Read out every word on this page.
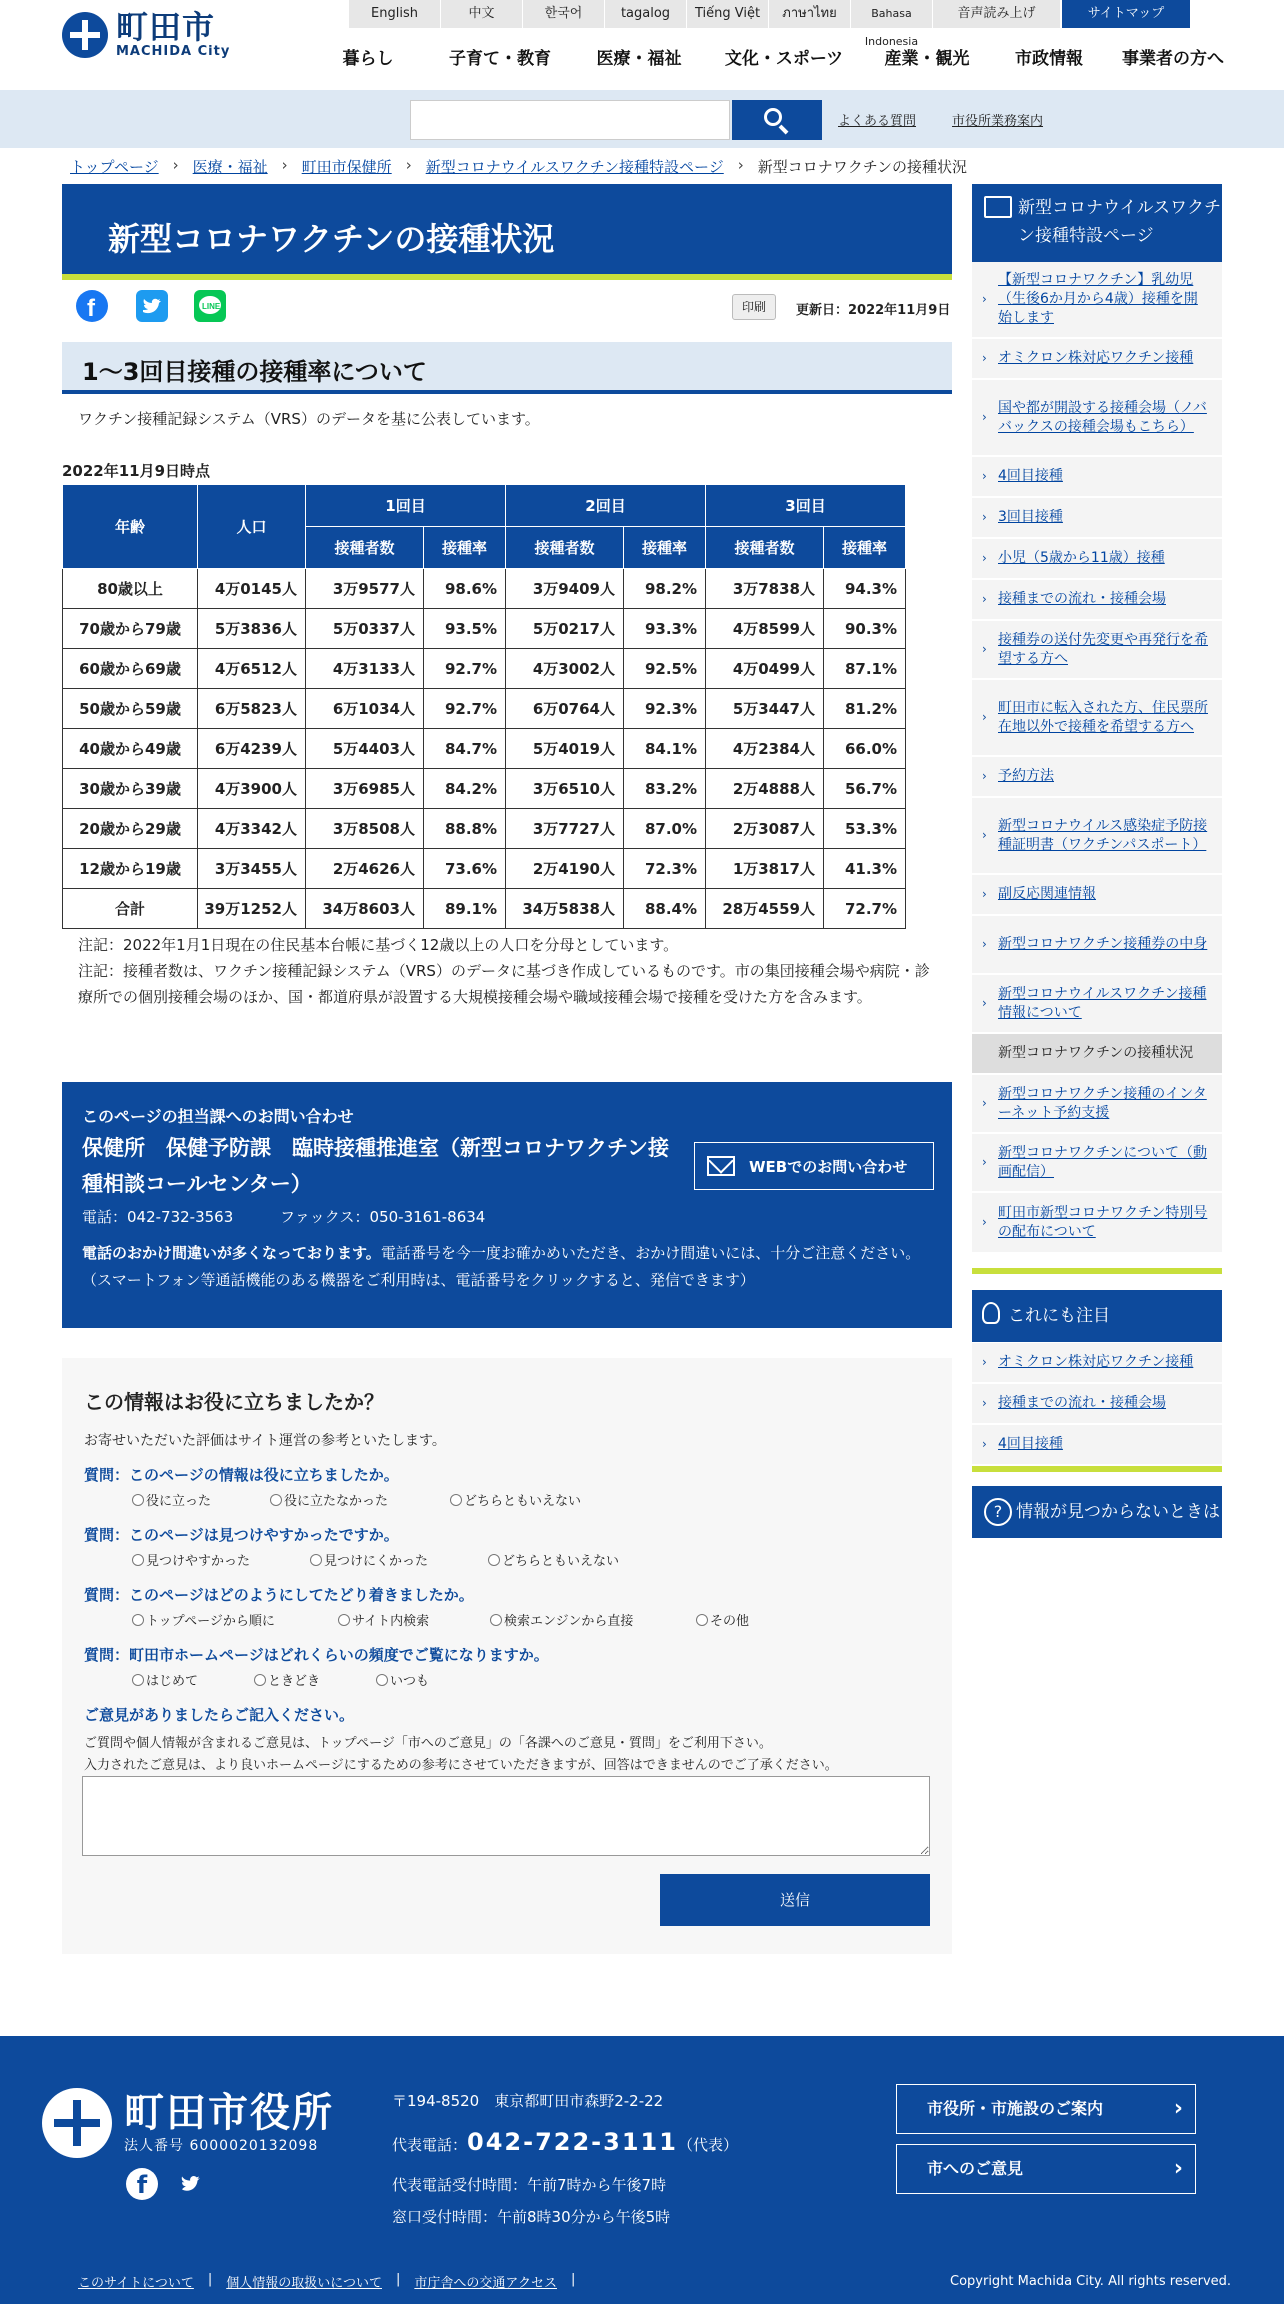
町田市
MACHIDA City
English	中文	한국어	tagalog	Tiếng Việt	ภาษาไทย	Bahasa Indonesia
音声読み上げ	サイトマップ
暮らし	子育て・教育	医療・福祉	文化・スポーツ	産業・観光	市政情報	事業者の方へ
よくある質問	市役所業務案内
トップページ › 医療・福祉 › 町田市保健所 › 新型コロナウイルスワクチン接種特設ページ › 新型コロナワクチンの接種状況
新型コロナワクチンの接種状況
f	LINE	印刷	更新日：2022年11月9日
1～3回目接種の接種率について
ワクチン接種記録システム（VRS）のデータを基に公表しています。
2022年11月9日時点
年齢	人口	1回目		2回目		3回目	
		接種者数	接種率	接種者数	接種率	接種者数	接種率
80歳以上	4万0145人	3万9577人	98.6%	3万9409人	98.2%	3万7838人	94.3%
70歳から79歳	5万3836人	5万0337人	93.5%	5万0217人	93.3%	4万8599人	90.3%
60歳から69歳	4万6512人	4万3133人	92.7%	4万3002人	92.5%	4万0499人	87.1%
50歳から59歳	6万5823人	6万1034人	92.7%	6万0764人	92.3%	5万3447人	81.2%
40歳から49歳	6万4239人	5万4403人	84.7%	5万4019人	84.1%	4万2384人	66.0%
30歳から39歳	4万3900人	3万6985人	84.2%	3万6510人	83.2%	2万4888人	56.7%
20歳から29歳	4万3342人	3万8508人	88.8%	3万7727人	87.0%	2万3087人	53.3%
12歳から19歳	3万3455人	2万4626人	73.6%	2万4190人	72.3%	1万3817人	41.3%
合計	39万1252人	34万8603人	89.1%	34万5838人	88.4%	28万4559人	72.7%
注記：2022年1月1日現在の住民基本台帳に基づく12歳以上の人口を分母としています。
注記：接種者数は、ワクチン接種記録システム（VRS）のデータに基づき作成しているものです。市の集団接種会場や病院・診療所での個別接種会場のほか、国・都道府県が設置する大規模接種会場や職域接種会場で接種を受けた方を含みます。
このページの担当課へのお問い合わせ
保健所　保健予防課　臨時接種推進室（新型コロナワクチン接種相談コールセンター）
電話：042-732-3563	ファックス：050-3161-8634
電話のおかけ間違いが多くなっております。電話番号を今一度お確かめいただき、おかけ間違いには、十分ご注意ください。（スマートフォン等通話機能のある機器をご利用時は、電話番号をクリックすると、発信できます）
WEBでのお問い合わせ
この情報はお役に立ちましたか？
お寄せいただいた評価はサイト運営の参考といたします。
質問：このページの情報は役に立ちましたか。
役に立った	役に立たなかった	どちらともいえない
質問：このページは見つけやすかったですか。
見つけやすかった	見つけにくかった	どちらともいえない
質問：このページはどのようにしてたどり着きましたか。
トップページから順に	サイト内検索	検索エンジンから直接	その他
質問：町田市ホームページはどれくらいの頻度でご覧になりますか。
はじめて	ときどき	いつも
ご意見がありましたらご記入ください。
ご質問や個人情報が含まれるご意見は、トップページ「市へのご意見」の「各課へのご意見・質問」をご利用下さい。
入力されたご意見は、より良いホームページにするための参考にさせていただきますが、回答はできませんのでご了承ください。
送信
新型コロナウイルスワクチン接種特設ページ
›
【新型コロナワクチン】乳幼児（生後6か月から4歳）接種を開始します
› オミクロン株対応ワクチン接種
›
国や都が開設する接種会場（ノババックスの接種会場もこちら）
› 4回目接種
› 3回目接種
› 小児（5歳から11歳）接種
› 接種までの流れ・接種会場
›
接種券の送付先変更や再発行を希望する方へ
›
町田市に転入された方、住民票所在地以外で接種を希望する方へ
› 予約方法
›
新型コロナウイルス感染症予防接種証明書（ワクチンパスポート）
› 副反応関連情報
› 新型コロナワクチン接種券の中身
›
新型コロナウイルスワクチン接種情報について
新型コロナワクチンの接種状況
›
新型コロナワクチン接種のインターネット予約支援
›
新型コロナワクチンについて（動画配信）
›
町田市新型コロナワクチン特別号の配布について
これにも注目
› オミクロン株対応ワクチン接種
› 接種までの流れ・接種会場
› 4回目接種
? 情報が見つからないときは
町田市役所
法人番号 6000020132098
f
〒194-8520　東京都町田市森野2-2-22
代表電話：042-722-3111（代表）
代表電話受付時間：午前7時から午後7時
窓口受付時間：午前8時30分から午後5時
市役所・市施設のご案内 ›
市へのご意見 ›
このサイトについて | 個人情報の取扱いについて | 市庁舎への交通アクセス |	Copyright Machida City. All rights reserved.
